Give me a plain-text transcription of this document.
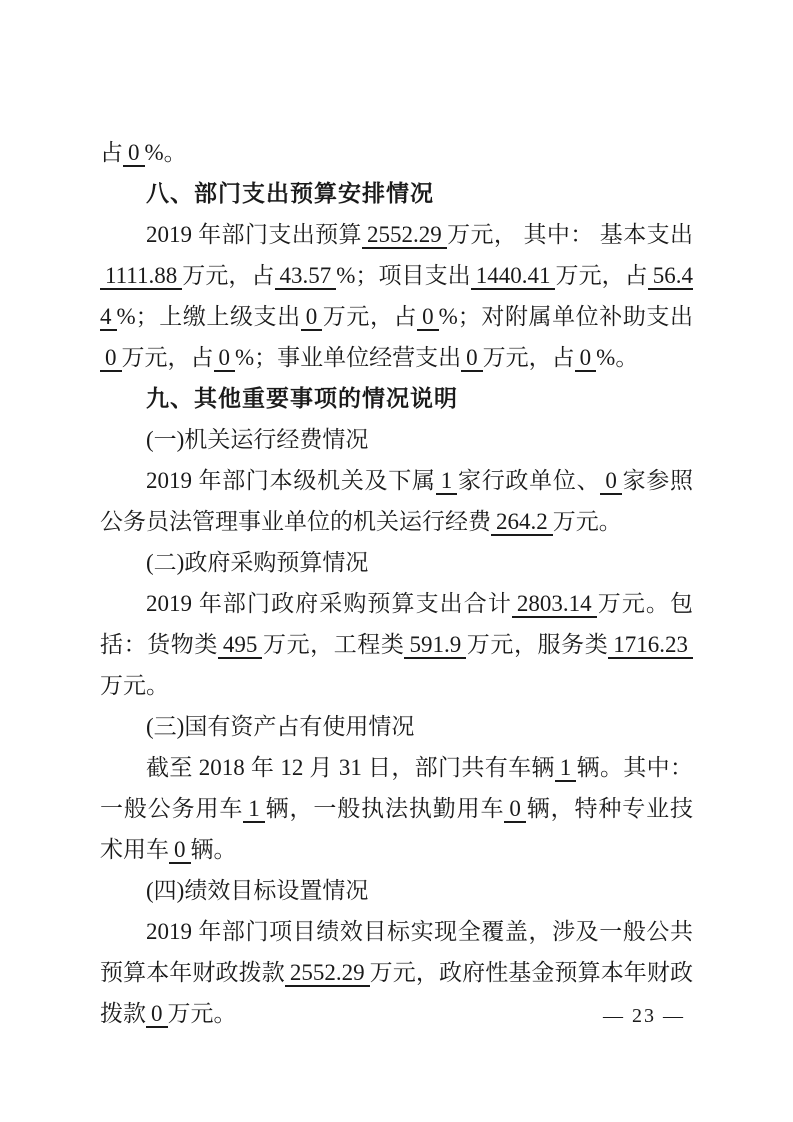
占 0 %。

八、部门支出预算安排情况

2019 年部门支出预算 2552.29 万元， 其中： 基本支出1111.88 万元，占 43.57 %；项目支出 1440.41 万元，占 56.44 %；上缴上级支出 0 万元，占 0 %；对附属单位补助支出0 万元，占 0 %；事业单位经营支出 0 万元，占 0 %。

九、其他重要事项的情况说明

(一)机关运行经费情况

2019 年部门本级机关及下属 1 家行政单位、 0 家参照公务员法管理事业单位的机关运行经费 264.2 万元。

(二)政府采购预算情况

2019 年部门政府采购预算支出合计 2803.14 万元。包括：货物类 495 万元，工程类 591.9 万元，服务类 1716.23万元。

(三)国有资产占有使用情况

截至 2018 年 12 月 31 日，部门共有车辆 1 辆。其中：一般公务用车 1 辆，一般执法执勤用车 0 辆，特种专业技术用车 0 辆。

(四)绩效目标设置情况

2019 年部门项目绩效目标实现全覆盖，涉及一般公共预算本年财政拨款 2552.29 万元，政府性基金预算本年财政拨款 0 万元。	— 23 —
